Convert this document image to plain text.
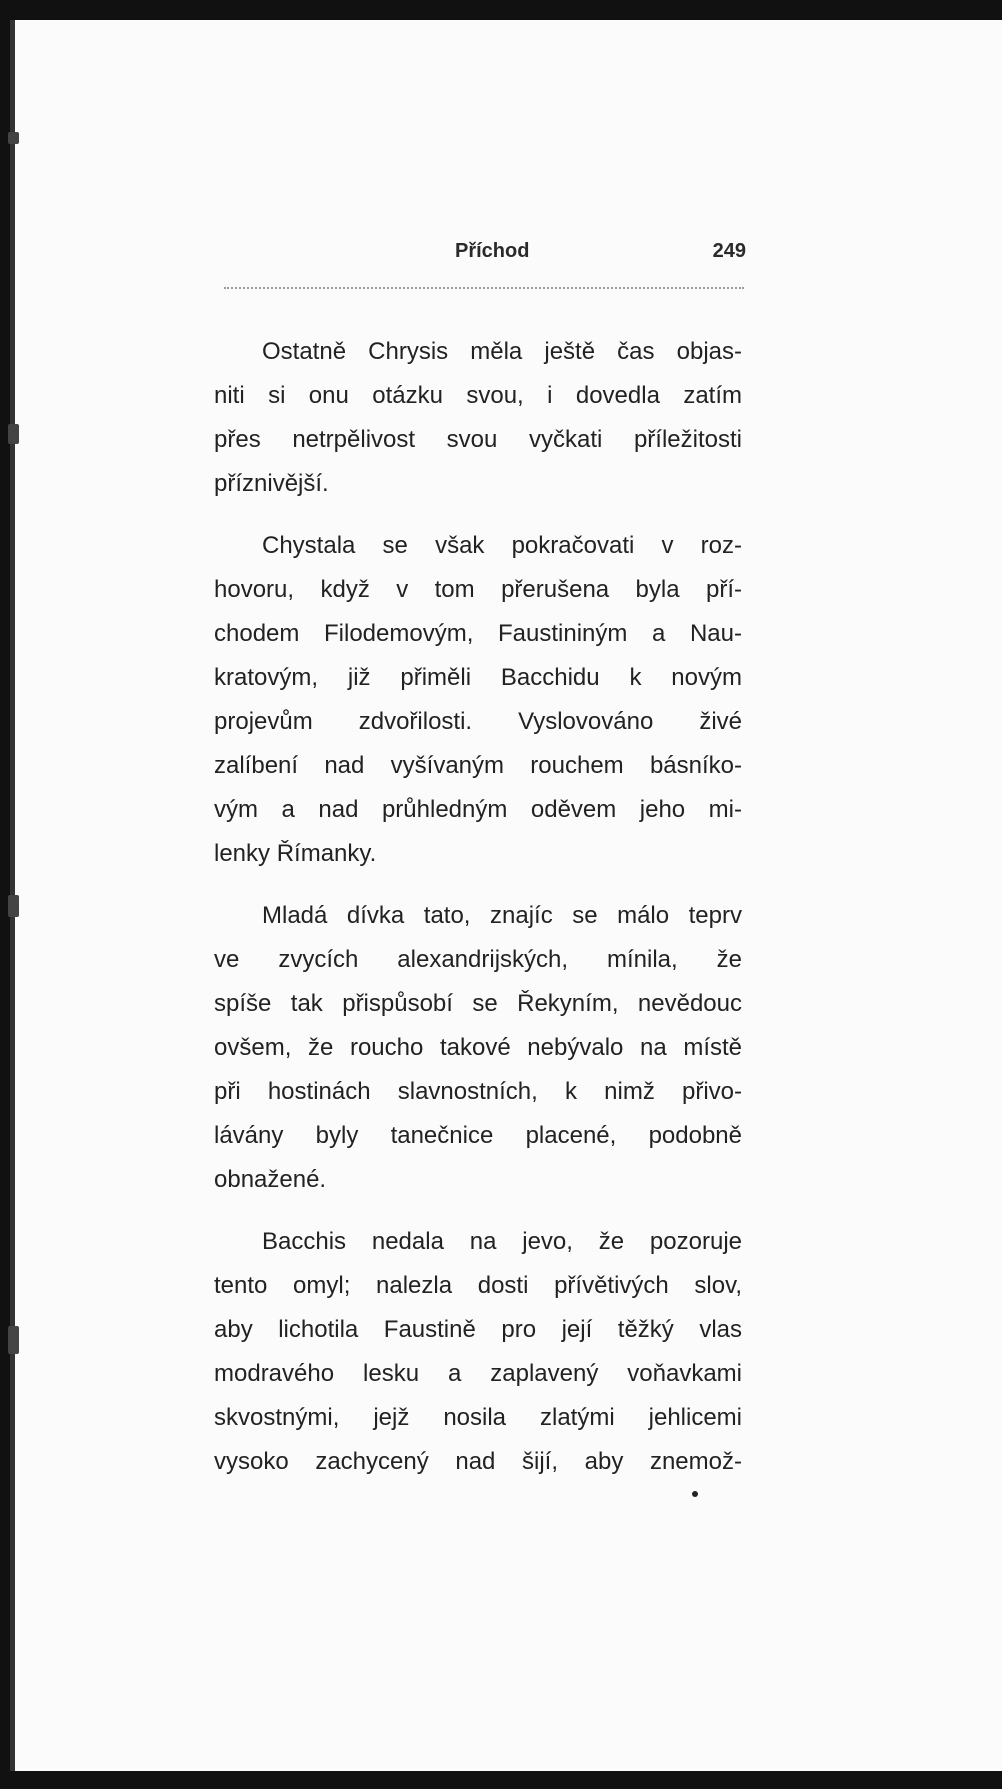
Příchod	249
Ostatně Chrysis měla ještě čas objas-
niti si onu otázku svou, i dovedla zatím
přes netrpělivost svou vyčkati příležitosti
příznivější.
Chystala se však pokračovati v roz-
hovoru, když v tom přerušena byla pří-
chodem Filodemovým, Faustininým a Nau-
kratovým, již přiměli Bacchidu k novým
projevům zdvořilosti. Vyslovováno živé
zalíbení nad vyšívaným rouchem básníko-
vým a nad průhledným oděvem jeho mi-
lenky Římanky.
Mladá dívka tato, znajíc se málo teprv
ve zvycích alexandrijských, mínila, že
spíše tak přispůsobí se Řekyním, nevědouc
ovšem, že roucho takové nebývalo na místě
při hostinách slavnostních, k nimž přivo-
lávány byly tanečnice placené, podobně
obnažené.
Bacchis nedala na jevo, že pozoruje
tento omyl; nalezla dosti přívětivých slov,
aby lichotila Faustině pro její těžký vlas
modravého lesku a zaplavený voňavkami
skvostnými, jejž nosila zlatými jehlicemi
vysoko zachycený nad šijí, aby znemož-
